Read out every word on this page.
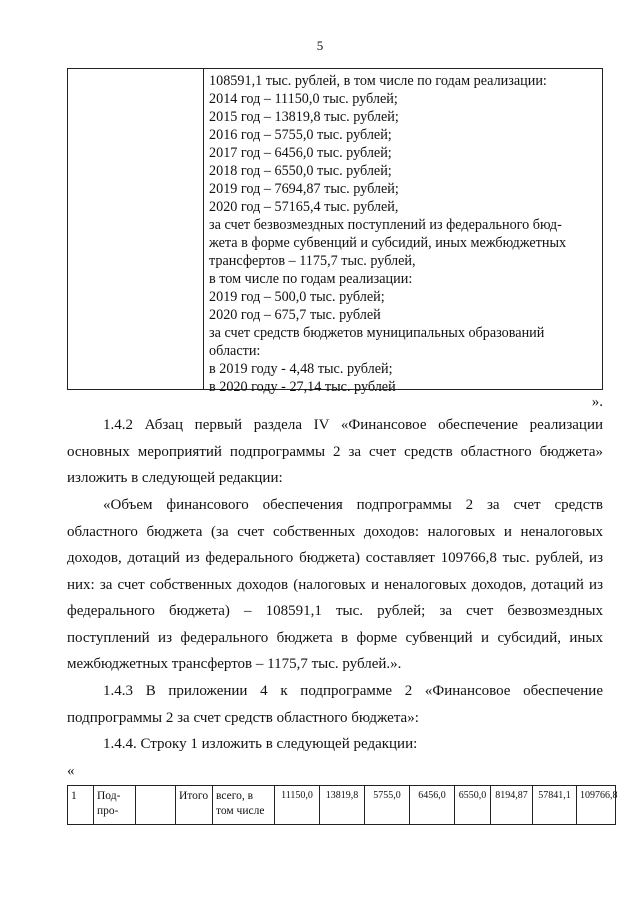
5
108591,1 тыс. рублей, в том числе по годам реализации:
2014 год – 11150,0 тыс. рублей;
2015 год – 13819,8 тыс. рублей;
2016 год – 5755,0 тыс. рублей;
2017 год – 6456,0 тыс. рублей;
2018 год – 6550,0 тыс. рублей;
2019 год – 7694,87 тыс. рублей;
2020 год – 57165,4 тыс. рублей,
за счет безвозмездных поступлений из федерального бюд-
жета в форме субвенций и субсидий, иных межбюджетных
трансфертов – 1175,7 тыс. рублей,
в том числе по годам реализации:
2019 год – 500,0 тыс. рублей;
2020 год – 675,7 тыс. рублей
за счет средств бюджетов муниципальных образований
области:
в 2019 году - 4,48 тыс. рублей;
в 2020 году - 27,14 тыс. рублей
».
1.4.2 Абзац первый раздела IV «Финансовое обеспечение реализации основных мероприятий подпрограммы 2 за счет средств областного бюджета» изложить в следующей редакции:
«Объем финансового обеспечения подпрограммы 2 за счет средств областного бюджета (за счет собственных доходов: налоговых и неналоговых доходов, дотаций из федерального бюджета) составляет 109766,8 тыс. рублей, из них: за счет собственных доходов (налоговых и неналоговых доходов, дотаций из федерального бюджета) – 108591,1 тыс. рублей; за счет безвозмездных поступлений из федерального бюджета в форме субвенций и субсидий, иных межбюджетных трансфертов – 1175,7 тыс. рублей.».
1.4.3 В приложении 4 к подпрограмме 2 «Финансовое обеспечение подпрограммы 2 за счет средств областного бюджета»:
1.4.4. Строку 1 изложить в следующей редакции:
«
1	Под-про-		Итого	всего, в том числе	11150,0	13819,8	5755,0	6456,0	6550,0	8194,87	57841,1	109766,8
